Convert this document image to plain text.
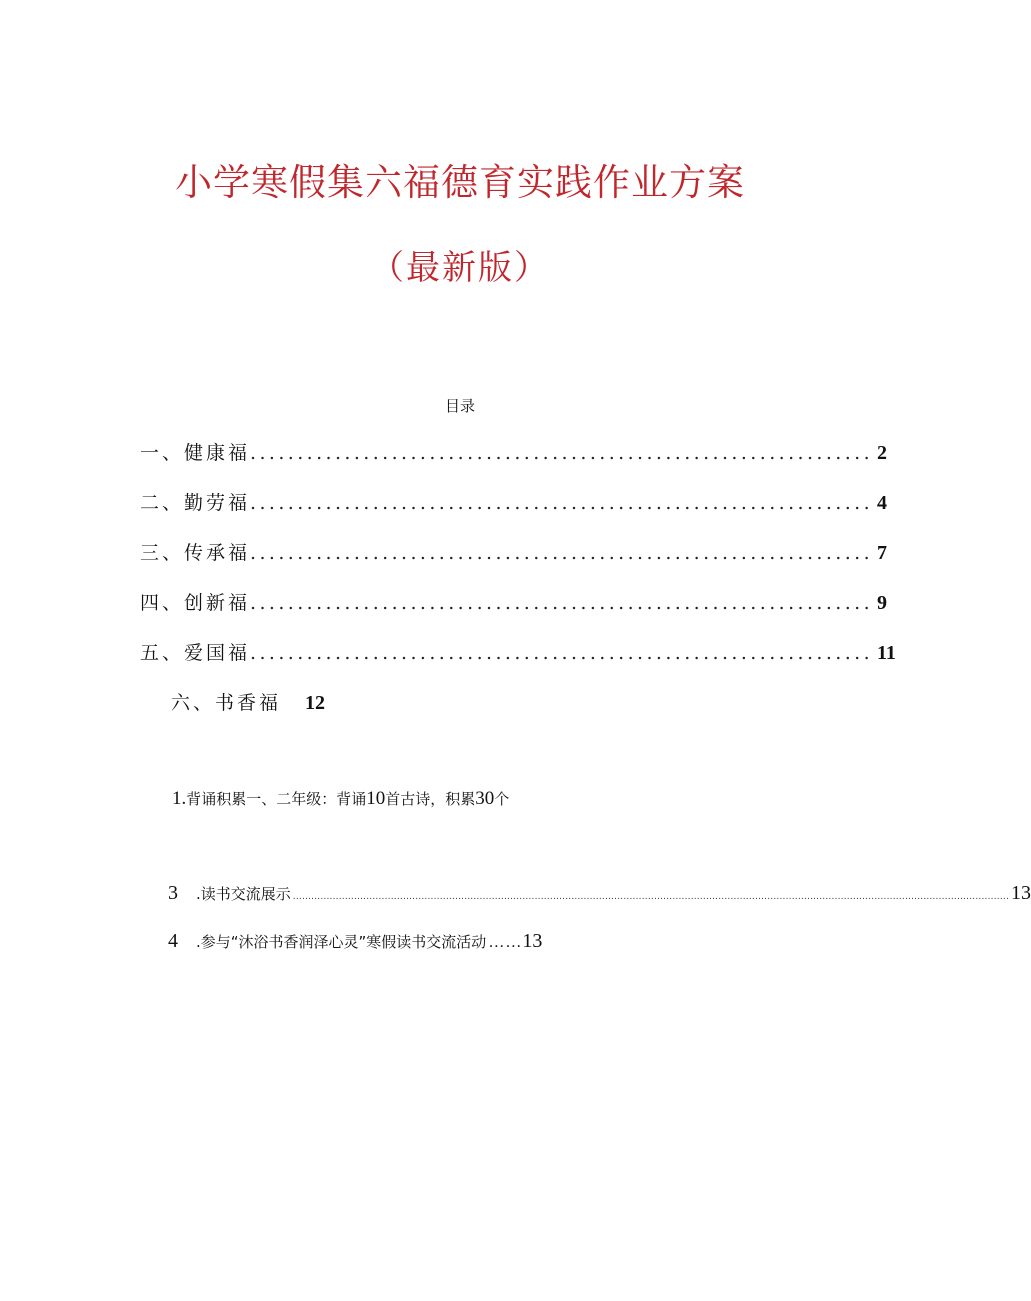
小学寒假集六福德育实践作业方案
（最新版）
目录
一、健康福 .................................................................. 2
二、勤劳福 .................................................................. 4
三、传承福 .................................................................. 7
四、创新福 .................................................................. 9
五、爱国福 .................................................................. 11
六、书香福 12
1. 背诵积累一、二年级：背诵 10 首古诗，积累 30 个
3 .读书交流展示 .......................................................................................................................................................................................................................................... 13
4 .参与“沐浴书香润泽心灵”寒假读书交流活动 …… 13
